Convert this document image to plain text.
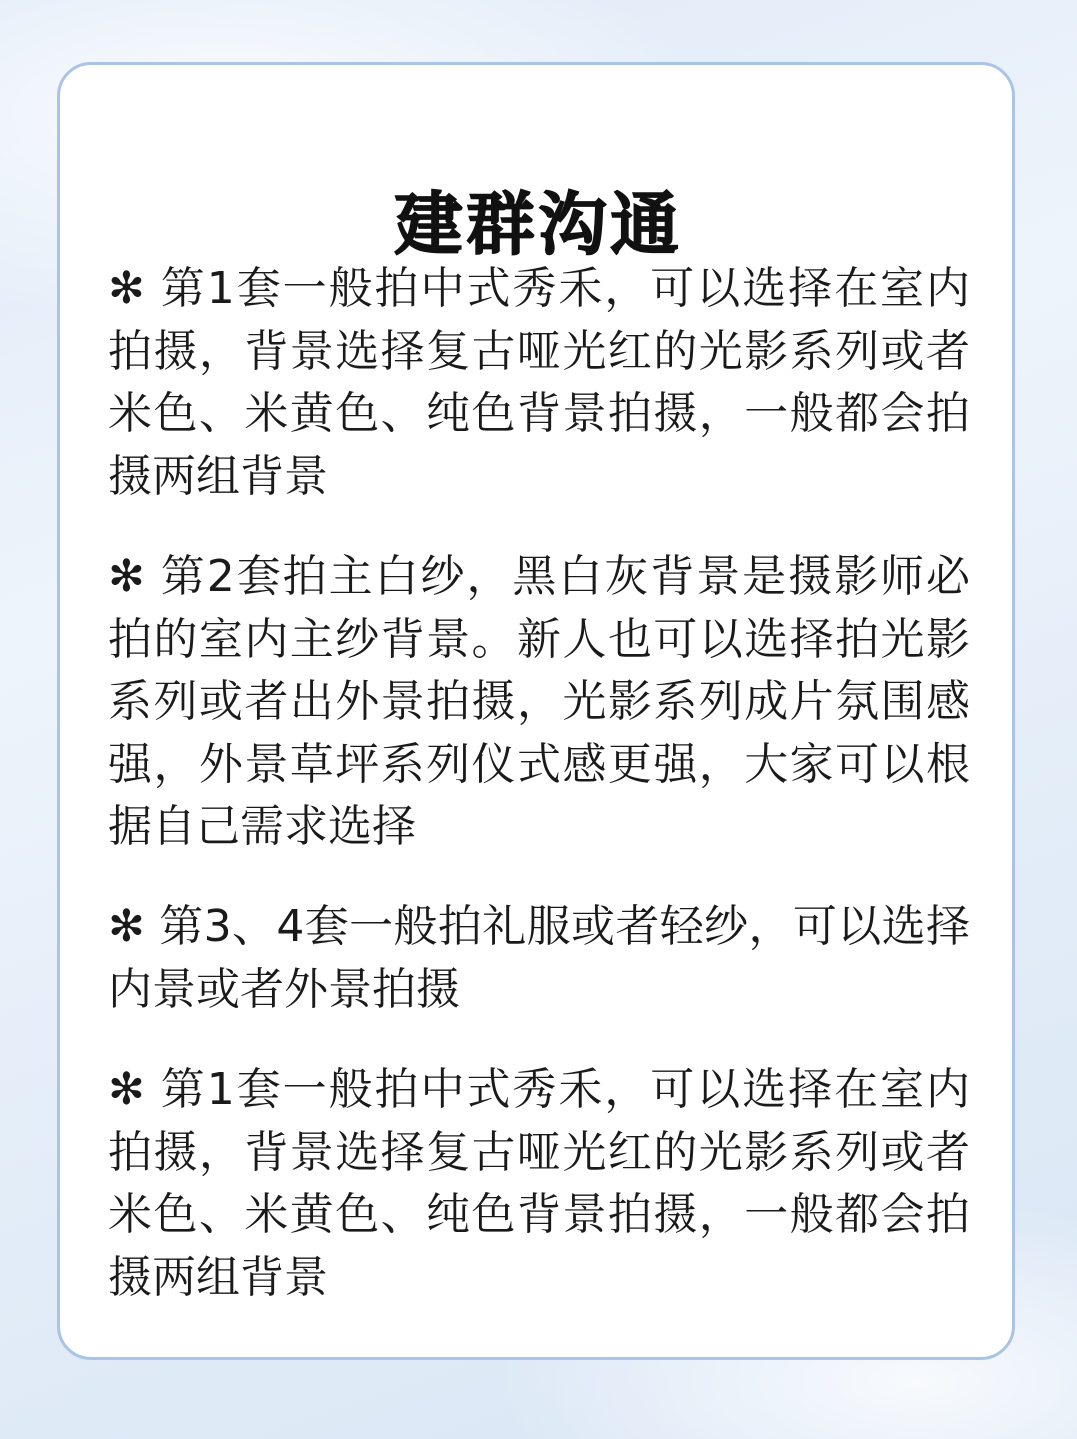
建群沟通

✻ 第1套一般拍中式秀禾，可以选择在室内拍摄，背景选择复古哑光红的光影系列或者米色、米黄色、纯色背景拍摄，一般都会拍摄两组背景

✻ 第2套拍主白纱，黑白灰背景是摄影师必拍的室内主纱背景。新人也可以选择拍光影系列或者出外景拍摄，光影系列成片氛围感强，外景草坪系列仪式感更强，大家可以根据自己需求选择

✻ 第3、4套一般拍礼服或者轻纱，可以选择内景或者外景拍摄

✻ 第1套一般拍中式秀禾，可以选择在室内拍摄，背景选择复古哑光红的光影系列或者米色、米黄色、纯色背景拍摄，一般都会拍摄两组背景
